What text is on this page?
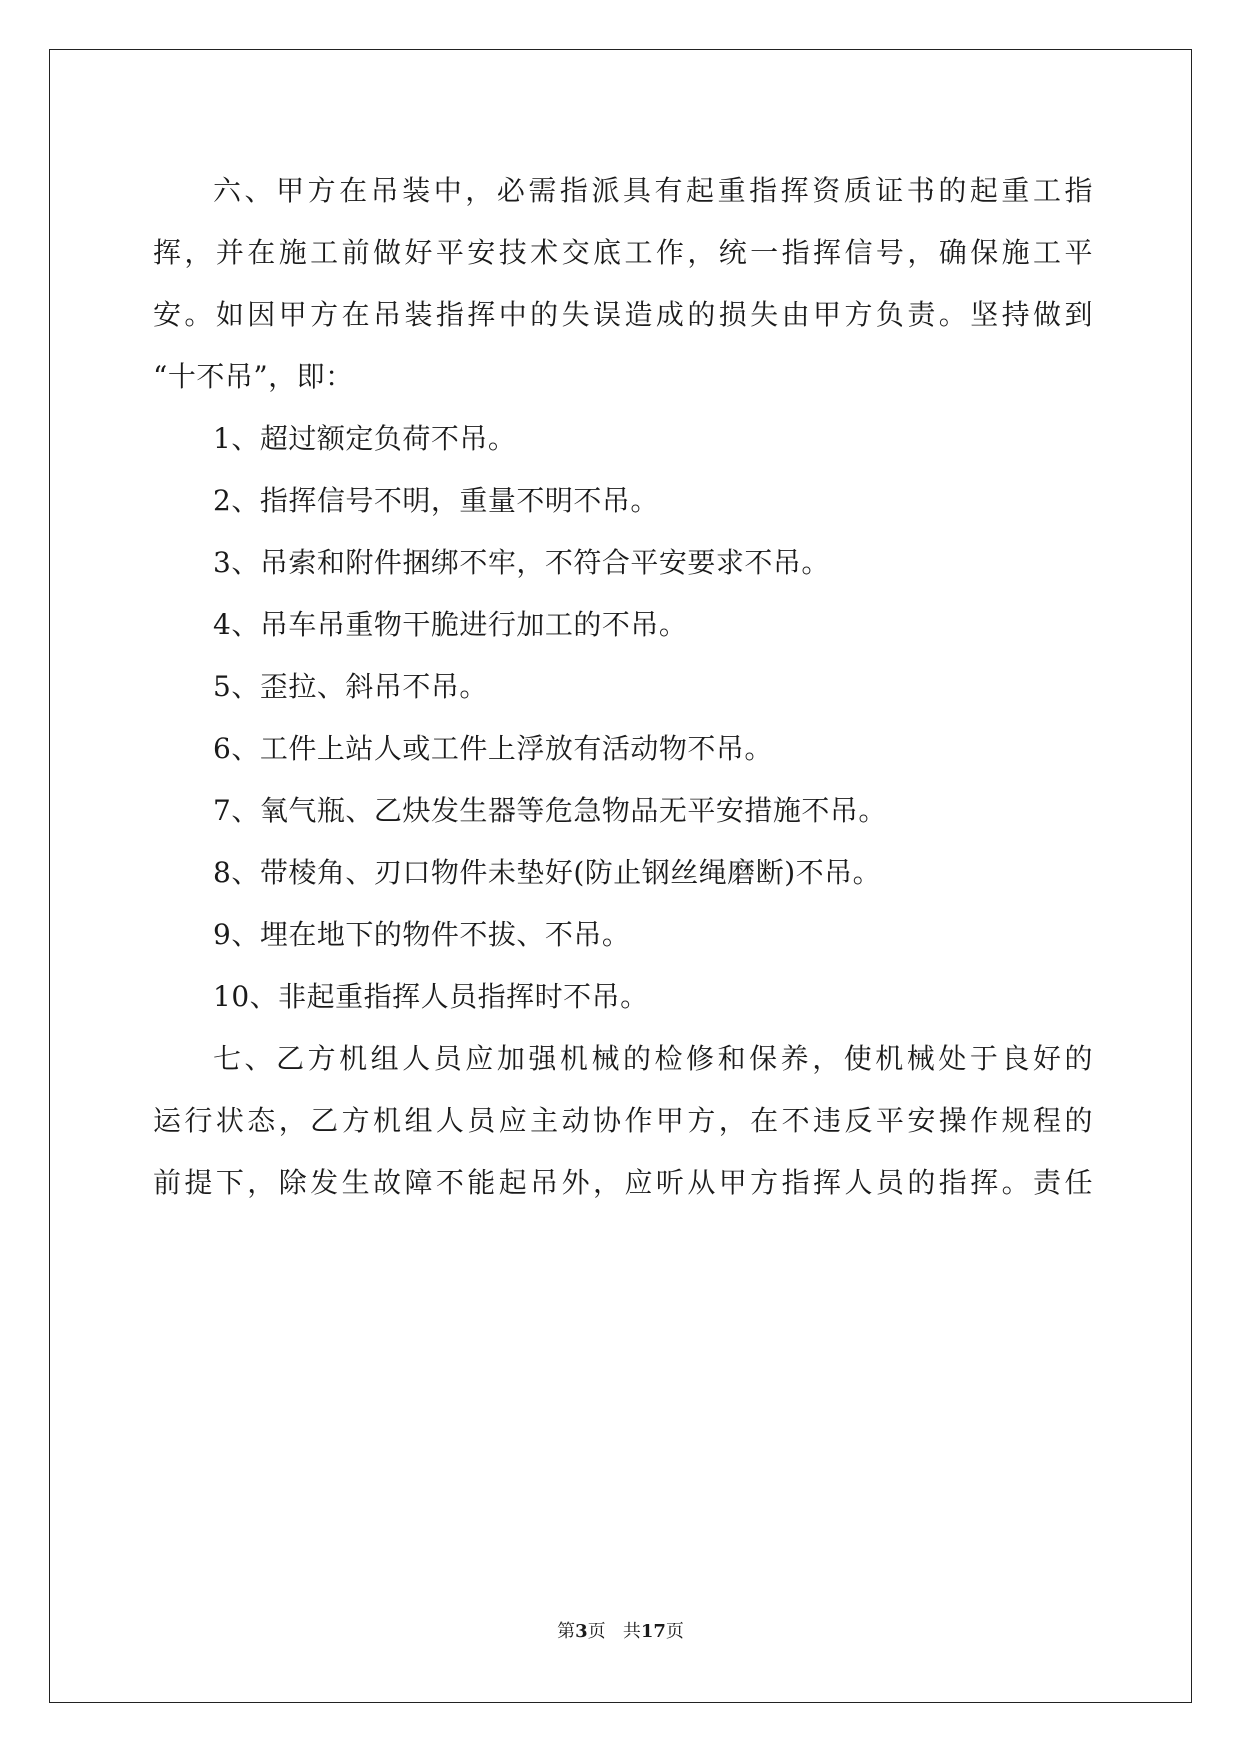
六、甲方在吊装中，必需指派具有起重指挥资质证书的起重工指

挥，并在施工前做好平安技术交底工作，统一指挥信号，确保施工平

安。如因甲方在吊装指挥中的失误造成的损失由甲方负责。坚持做到

“十不吊”，即：

1、超过额定负荷不吊。

2、指挥信号不明，重量不明不吊。

3、吊索和附件捆绑不牢，不符合平安要求不吊。

4、吊车吊重物干脆进行加工的不吊。

5、歪拉、斜吊不吊。

6、工件上站人或工件上浮放有活动物不吊。

7、氧气瓶、乙炔发生器等危急物品无平安措施不吊。

8、带棱角、刃口物件未垫好(防止钢丝绳磨断)不吊。

9、埋在地下的物件不拔、不吊。

10、非起重指挥人员指挥时不吊。

七、乙方机组人员应加强机械的检修和保养，使机械处于良好的

运行状态，乙方机组人员应主动协作甲方，在不违反平安操作规程的

前提下，除发生故障不能起吊外，应听从甲方指挥人员的指挥。责任

第3页 共17页
